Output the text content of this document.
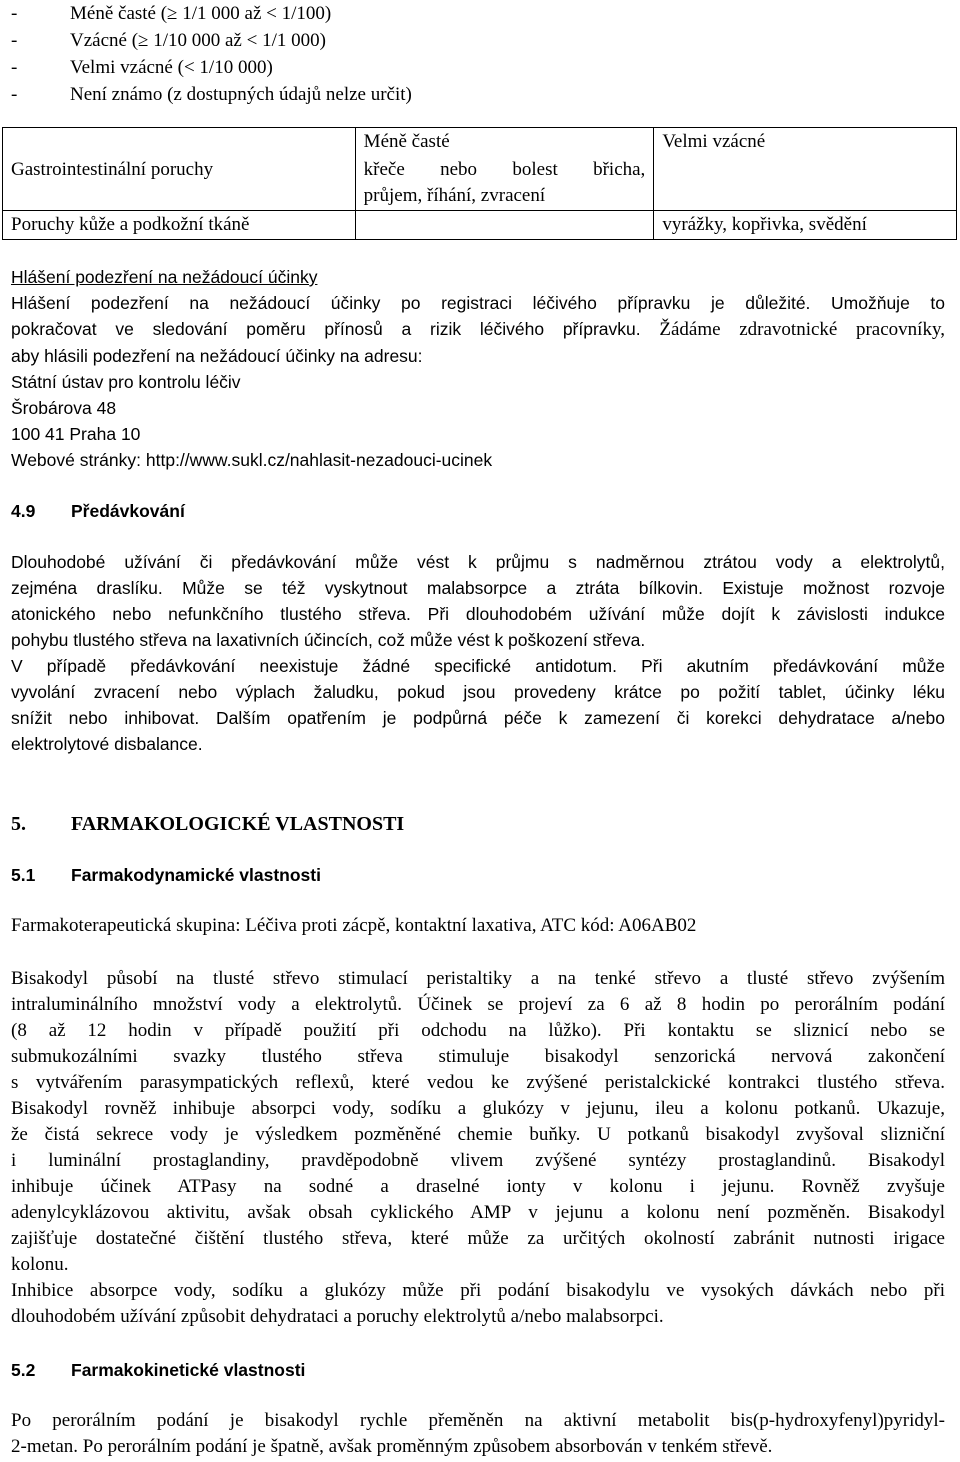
-	Méně časté (≥ 1/1 000 až < 1/100)
-	Vzácné (≥ 1/10 000 až < 1/1 000)
-	Velmi vzácné (< 1/10 000)
-	Není známo (z dostupných údajů nelze určit)
	Méně časté	Velmi vzácné
Gastrointestinální poruchy	křeče nebo bolest břicha,
průjem, říhání, zvracení	

Poruchy kůže a podkožní tkáně		vyrážky, kopřivka, svědění
Hlášení podezření na nežádoucí účinky
Hlášení podezření na nežádoucí účinky po registraci léčivého přípravku je důležité. Umožňuje to
pokračovat ve sledování poměru přínosů a rizik léčivého přípravku. Žádáme zdravotnické pracovníky,
aby hlásili podezření na nežádoucí účinky na adresu:
Státní ústav pro kontrolu léčiv
Šrobárova 48
100 41 Praha 10
Webové stránky: http://www.sukl.cz/nahlasit-nezadouci-ucinek
4.9 Předávkování
Dlouhodobé užívání či předávkování může vést k průjmu s nadměrnou ztrátou vody a elektrolytů,
zejména draslíku. Může se též vyskytnout malabsorpce a ztráta bílkovin. Existuje možnost rozvoje
atonického nebo nefunkčního tlustého střeva. Při dlouhodobém užívání může dojít k závislosti indukce
pohybu tlustého střeva na laxativních účincích, což může vést k poškození střeva.
V případě předávkování neexistuje žádné specifické antidotum. Při akutním předávkování může
vyvolání zvracení nebo výplach žaludku, pokud jsou provedeny krátce po požití tablet, účinky léku
snížit nebo inhibovat. Dalším opatřením je podpůrná péče k zamezení či korekci dehydratace a/nebo
elektrolytové disbalance.
5. FARMAKOLOGICKÉ VLASTNOSTI
5.1 Farmakodynamické vlastnosti
Farmakoterapeutická skupina: Léčiva proti zácpě, kontaktní laxativa, ATC kód: A06AB02
Bisakodyl působí na tlusté střevo stimulací peristaltiky a na tenké střevo a tlusté střevo zvýšením
intraluminálního množství vody a elektrolytů. Účinek se projeví za 6 až 8 hodin po perorálním podání
(8 až 12 hodin v případě použití při odchodu na lůžko). Při kontaktu se sliznicí nebo se
submukozálními svazky tlustého střeva stimuluje bisakodyl senzorická nervová zakončení
s vytvářením parasympatických reflexů, které vedou ke zvýšené peristalckické kontrakci tlustého střeva.
Bisakodyl rovněž inhibuje absorpci vody, sodíku a glukózy v jejunu, ileu a kolonu potkanů. Ukazuje,
že čistá sekrece vody je výsledkem pozměněné chemie buňky. U potkanů bisakodyl zvyšoval slizniční
i luminální prostaglandiny, pravděpodobně vlivem zvýšené syntézy prostaglandinů. Bisakodyl
inhibuje účinek ATPasy na sodné a draselné ionty v kolonu i jejunu. Rovněž zvyšuje
adenylcyklázovou aktivitu, avšak obsah cyklického AMP v jejunu a kolonu není pozměněn. Bisakodyl
zajišťuje dostatečné čištění tlustého střeva, které může za určitých okolností zabránit nutnosti irigace
kolonu.
Inhibice absorpce vody, sodíku a glukózy může při podání bisakodylu ve vysokých dávkách nebo při
dlouhodobém užívání způsobit dehydrataci a poruchy elektrolytů a/nebo malabsorpci.
5.2 Farmakokinetické vlastnosti
Po perorálním podání je bisakodyl rychle přeměněn na aktivní metabolit bis(p-hydroxyfenyl)pyridyl-
2-metan. Po perorálním podání je špatně, avšak proměnným způsobem absorbován v tenkém střevě.
